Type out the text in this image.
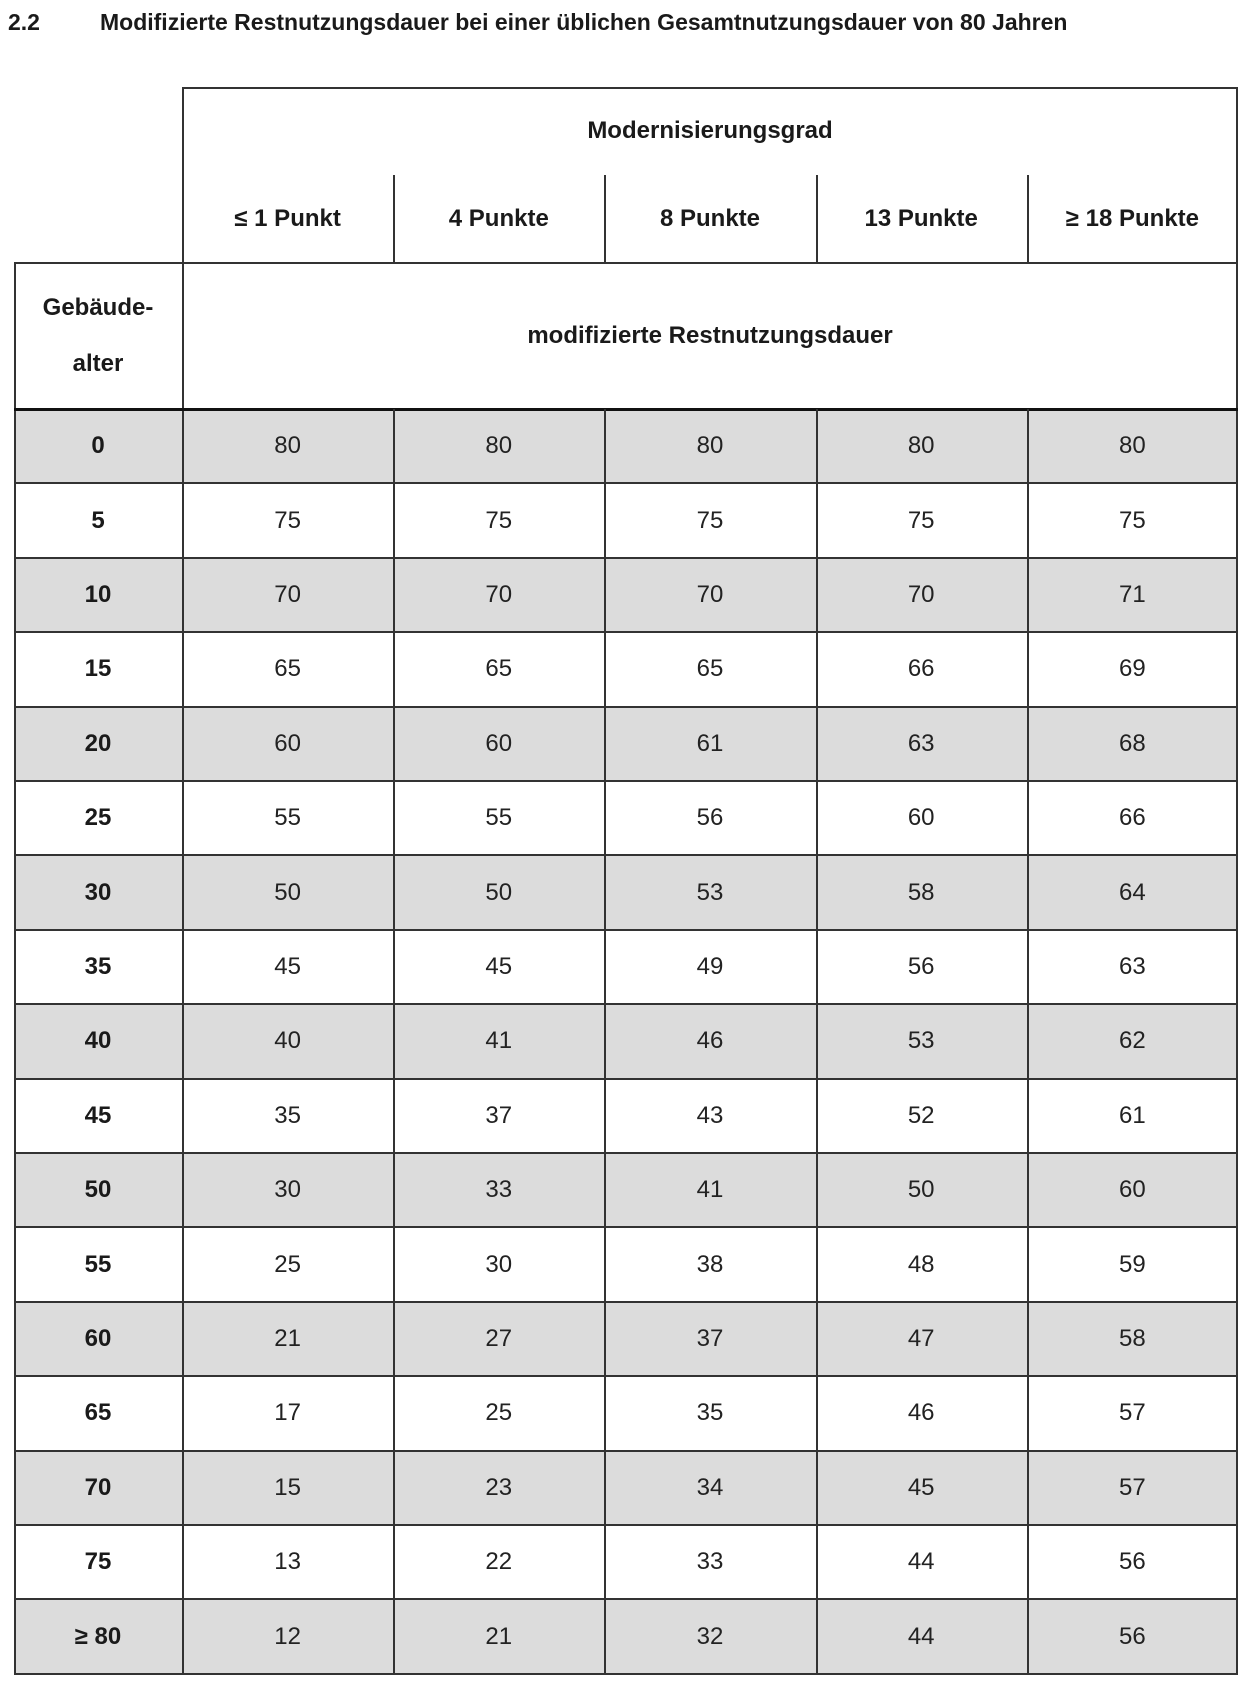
2.2	Modifizierte Restnutzungsdauer bei einer üblichen Gesamtnutzungsdauer von 80 Jahren
Modernisierungsgrad
≤ 1 Punkt	4 Punkte	8 Punkte	13 Punkte	≥ 18 Punkte
modifizierte Restnutzungsdauer
Gebäude-
alter
0	80	80	80	80	80
5	75	75	75	75	75
10	70	70	70	70	71
15	65	65	65	66	69
20	60	60	61	63	68
25	55	55	56	60	66
30	50	50	53	58	64
35	45	45	49	56	63
40	40	41	46	53	62
45	35	37	43	52	61
50	30	33	41	50	60
55	25	30	38	48	59
60	21	27	37	47	58
65	17	25	35	46	57
70	15	23	34	45	57
75	13	22	33	44	56
≥ 80	12	21	32	44	56
